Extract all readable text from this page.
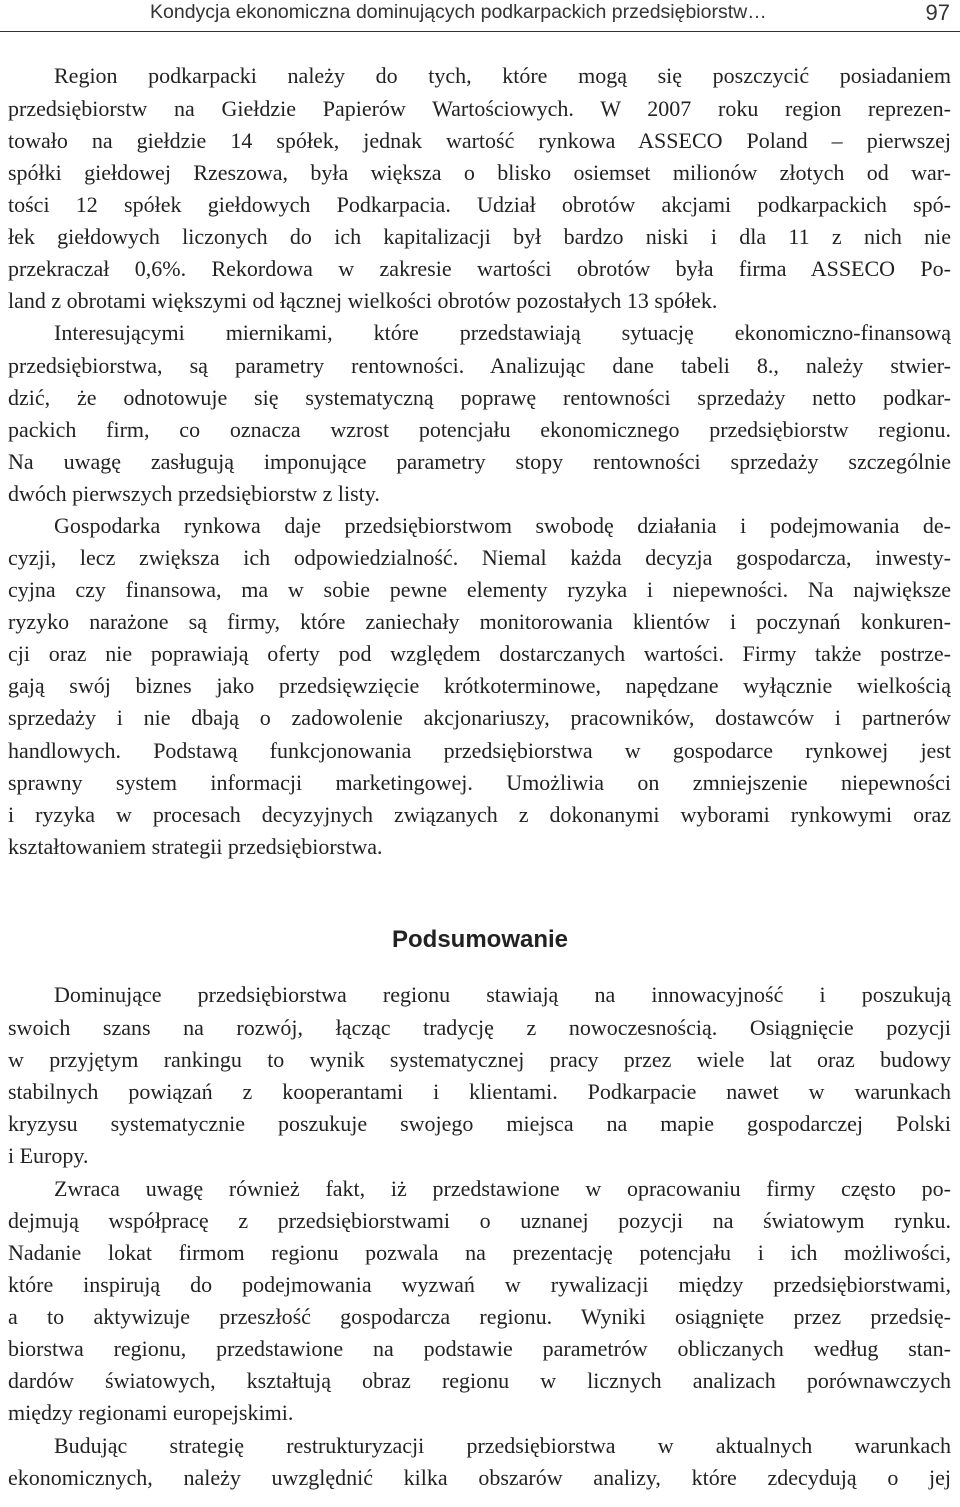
Kondycja ekonomiczna dominujących podkarpackich przedsiębiorstw…	97
Region podkarpacki należy do tych, które mogą się poszczycić posiadaniem
przedsiębiorstw na Giełdzie Papierów Wartościowych. W 2007 roku region reprezen-
towało na giełdzie 14 spółek, jednak wartość rynkowa ASSECO Poland – pierwszej
spółki giełdowej Rzeszowa, była większa o blisko osiemset milionów złotych od war-
tości 12 spółek giełdowych Podkarpacia. Udział obrotów akcjami podkarpackich spó-
łek giełdowych liczonych do ich kapitalizacji był bardzo niski i dla 11 z nich nie
przekraczał 0,6%. Rekordowa w zakresie wartości obrotów była firma ASSECO Po-
land z obrotami większymi od łącznej wielkości obrotów pozostałych 13 spółek.
Interesującymi miernikami, które przedstawiają sytuację ekonomiczno-finansową
przedsiębiorstwa, są parametry rentowności. Analizując dane tabeli 8., należy stwier-
dzić, że odnotowuje się systematyczną poprawę rentowności sprzedaży netto podkar-
packich firm, co oznacza wzrost potencjału ekonomicznego przedsiębiorstw regionu.
Na uwagę zasługują imponujące parametry stopy rentowności sprzedaży szczególnie
dwóch pierwszych przedsiębiorstw z listy.
Gospodarka rynkowa daje przedsiębiorstwom swobodę działania i podejmowania de-
cyzji, lecz zwiększa ich odpowiedzialność. Niemal każda decyzja gospodarcza, inwesty-
cyjna czy finansowa, ma w sobie pewne elementy ryzyka i niepewności. Na największe
ryzyko narażone są firmy, które zaniechały monitorowania klientów i poczynań konkuren-
cji oraz nie poprawiają oferty pod względem dostarczanych wartości. Firmy także postrze-
gają swój biznes jako przedsięwzięcie krótkoterminowe, napędzane wyłącznie wielkością
sprzedaży i nie dbają o zadowolenie akcjonariuszy, pracowników, dostawców i partnerów
handlowych. Podstawą funkcjonowania przedsiębiorstwa w gospodarce rynkowej jest
sprawny system informacji marketingowej. Umożliwia on zmniejszenie niepewności
i ryzyka w procesach decyzyjnych związanych z dokonanymi wyborami rynkowymi oraz
kształtowaniem strategii przedsiębiorstwa.
Dominujące przedsiębiorstwa regionu stawiają na innowacyjność i poszukują
swoich szans na rozwój, łącząc tradycję z nowoczesnością. Osiągnięcie pozycji
w przyjętym rankingu to wynik systematycznej pracy przez wiele lat oraz budowy
stabilnych powiązań z kooperantami i klientami. Podkarpacie nawet w warunkach
kryzysu systematycznie poszukuje swojego miejsca na mapie gospodarczej Polski
i Europy.
Zwraca uwagę również fakt, iż przedstawione w opracowaniu firmy często po-
dejmują współpracę z przedsiębiorstwami o uznanej pozycji na światowym rynku.
Nadanie lokat firmom regionu pozwala na prezentację potencjału i ich możliwości,
które inspirują do podejmowania wyzwań w rywalizacji między przedsiębiorstwami,
a to aktywizuje przeszłość gospodarcza regionu. Wyniki osiągnięte przez przedsię-
biorstwa regionu, przedstawione na podstawie parametrów obliczanych według stan-
dardów światowych, kształtują obraz regionu w licznych analizach porównawczych
między regionami europejskimi.
Budując strategię restrukturyzacji przedsiębiorstwa w aktualnych warunkach
ekonomicznych, należy uwzględnić kilka obszarów analizy, które zdecydują o jej
Podsumowanie
